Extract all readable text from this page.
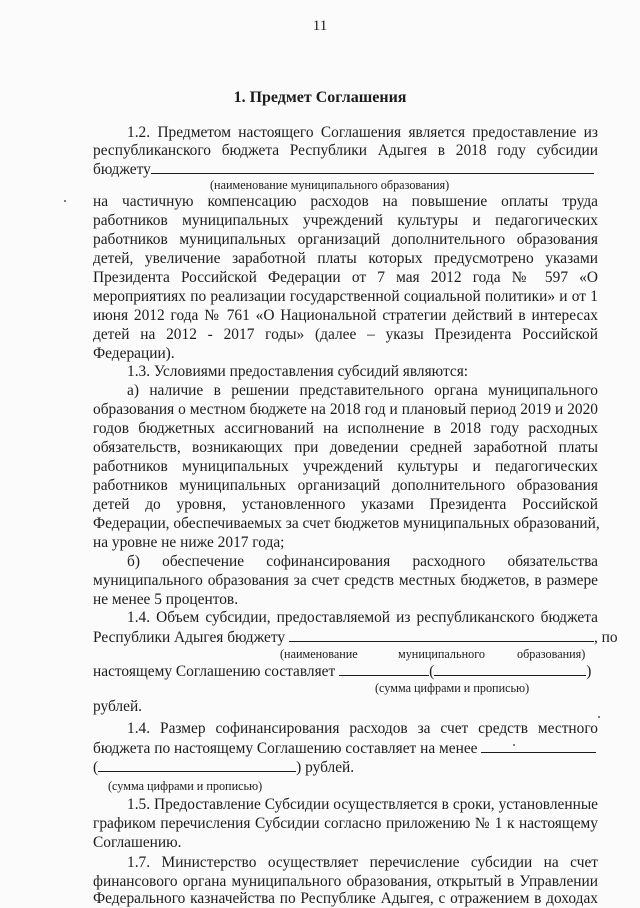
11
1. Предмет Соглашения
1.2. Предметом настоящего Соглашения является предоставление из
республиканского бюджета Республики Адыгея в 2018 году субсидии
бюджету
(наименование муниципального образования)
на частичную компенсацию расходов на повышение оплаты труда
работников муниципальных учреждений культуры и педагогических
работников муниципальных организаций дополнительного образования
детей, увеличение заработной платы которых предусмотрено указами
Президента Российской Федерации от 7 мая 2012 года № 597 «О
мероприятиях по реализации государственной социальной политики» и от 1
июня 2012 года № 761 «О Национальной стратегии действий в интересах
детей на 2012 - 2017 годы» (далее – указы Президента Российской
Федерации).
1.3. Условиями предоставления субсидий являются:
а) наличие в решении представительного органа муниципального
образования о местном бюджете на 2018 год и плановый период 2019 и 2020
годов бюджетных ассигнований на исполнение в 2018 году расходных
обязательств, возникающих при доведении средней заработной платы
работников муниципальных учреждений культуры и педагогических
работников муниципальных организаций дополнительного образования
детей до уровня, установленного указами Президента Российской
Федерации, обеспечиваемых за счет бюджетов муниципальных образований,
на уровне не ниже 2017 года;
б) обеспечение софинансирования расходного обязательства
муниципального образования за счет средств местных бюджетов, в размере
не менее 5 процентов.
1.4. Объем субсидии, предоставляемой из республиканского бюджета
Республики Адыгея бюджету	, по
(наименование	муниципального	образования)
настоящему Соглашению составляет	(	)
(сумма цифрами и прописью)
рублей.
1.4. Размер софинансирования расходов за счет средств местного
бюджета по настоящему Соглашению составляет на менее
(	) рублей.
(сумма цифрами и прописью)
1.5. Предоставление Субсидии осуществляется в сроки, установленные
графиком перечисления Субсидии согласно приложению № 1 к настоящему
Соглашению.
1.7. Министерство осуществляет перечисление субсидии на счет
финансового органа муниципального образования, открытый в Управлении
Федерального казначейства по Республике Адыгея, с отражением в доходах
